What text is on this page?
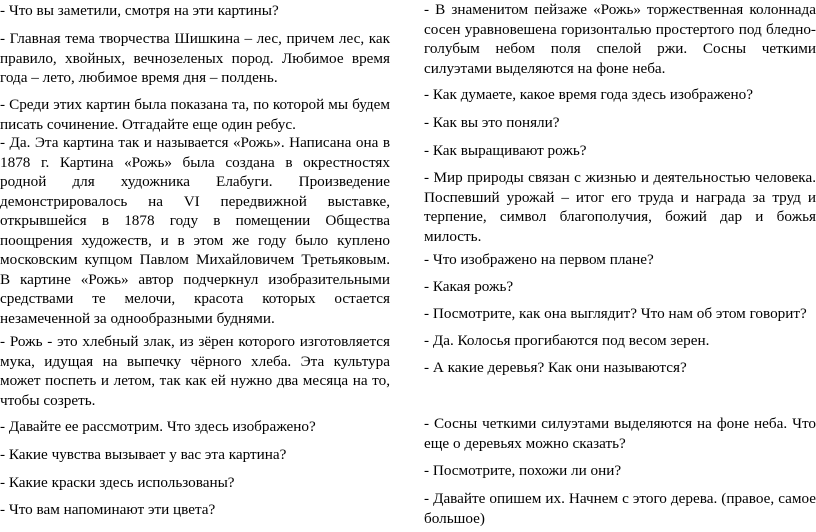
- Что вы заметили, смотря на эти картины?

- Главная тема творчества Шишкина – лес, причем лес, как правило, хвойных, вечнозеленых пород. Любимое время года – лето, любимое время дня – полдень.

- Среди этих картин была показана та, по которой мы будем писать сочинение. Отгадайте еще один ребус.

- Да. Эта картина так и называется «Рожь». Написана она в 1878 г. Картина «Рожь» была создана в окрестностях родной для художника Елабуги. Произведение демонстрировалось на VI передвижной выставке, открывшейся в 1878 году в помещении Общества поощрения художеств, и в этом же году было куплено московским купцом Павлом Михайловичем Третьяковым. В картине «Рожь» автор подчеркнул изобразительными средствами те мелочи, красота которых остается незамеченной за однообразными буднями.

- Рожь - это хлебный злак, из зёрен которого изготовляется мука, идущая на выпечку чёрного хлеба. Эта культура может поспеть и летом, так как ей нужно два месяца на то, чтобы созреть.

- Давайте ее рассмотрим. Что здесь изображено?

- Какие чувства вызывает у вас эта картина?

- Какие краски здесь использованы?

- Что вам напоминают эти цвета?

- В знаменитом пейзаже «Рожь» торжественная колоннада сосен уравновешена горизонталью простертого под бледно-голубым небом поля спелой ржи. Сосны четкими силуэтами выделяются на фоне неба.

- Как думаете, какое время года здесь изображено?

- Как вы это поняли?

- Как выращивают рожь?

- Мир природы связан с жизнью и деятельностью человека. Поспевший урожай – итог его труда и награда за труд и терпение, символ благополучия, божий дар и божья милость.

- Что изображено на первом плане?

- Какая рожь?

- Посмотрите, как она выглядит? Что нам об этом говорит?

- Да. Колосья прогибаются под весом зерен.

- А какие деревья? Как они называются?

- Сосны четкими силуэтами выделяются на фоне неба. Что еще о деревьях можно сказать?

- Посмотрите, похожи ли они?

- Давайте опишем их. Начнем с этого дерева. (правое, самое большое)
